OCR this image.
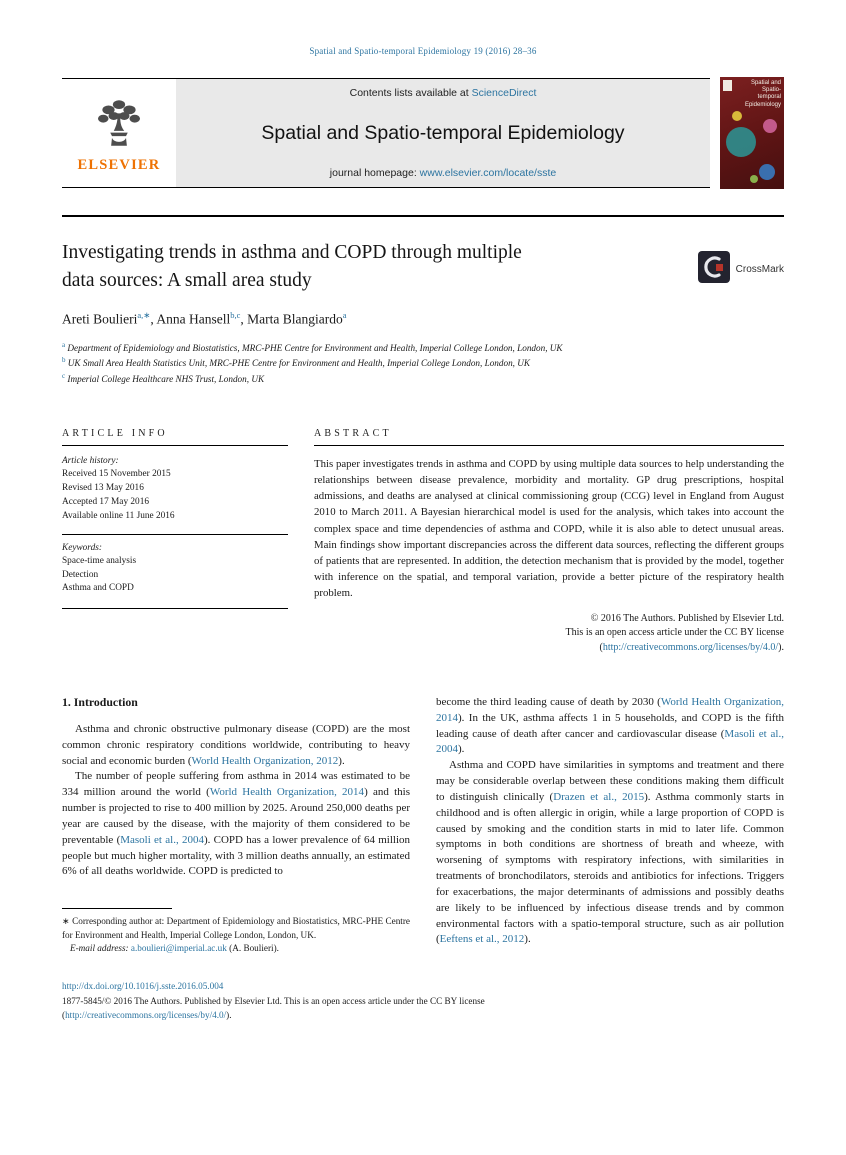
Spatial and Spatio-temporal Epidemiology 19 (2016) 28–36
ELSEVIER
Contents lists available at ScienceDirect
Spatial and Spatio-temporal Epidemiology
journal homepage: www.elsevier.com/locate/sste
Spatial and Spatio-temporal Epidemiology
Investigating trends in asthma and COPD through multiple
data sources: A small area study	CrossMark
Areti Boulieri$^{a,∗}$, Anna Hansell$^{b,c}$, Marta Blangiardo$^a$
$^a$ Department of Epidemiology and Biostatistics, MRC-PHE Centre for Environment and Health, Imperial College London, London, UK
$^b$ UK Small Area Health Statistics Unit, MRC-PHE Centre for Environment and Health, Imperial College London, London, UK
$^c$ Imperial College Healthcare NHS Trust, London, UK
ARTICLE INFO
Article history:
Received 15 November 2015
Revised 13 May 2016
Accepted 17 May 2016
Available online 11 June 2016
Keywords:
Space-time analysis
Detection
Asthma and COPD
ABSTRACT

This paper investigates trends in asthma and COPD by using multiple data sources to help understanding the relationships between disease prevalence, morbidity and mortality. GP drug prescriptions, hospital admissions, and deaths are analysed at clinical commissioning group (CCG) level in England from August 2010 to March 2011. A Bayesian hierarchical model is used for the analysis, which takes into account the complex space and time dependencies of asthma and COPD, while it is also able to detect unusual areas. Main findings show important discrepancies across the different data sources, reflecting the different groups of patients that are represented. In addition, the detection mechanism that is provided by the model, together with inference on the spatial, and temporal variation, provide a better picture of the respiratory health problem.

© 2016 The Authors. Published by Elsevier Ltd.
This is an open access article under the CC BY license
(http://creativecommons.org/licenses/by/4.0/).
1. Introduction

Asthma and chronic obstructive pulmonary disease (COPD) are the most common chronic respiratory conditions worldwide, contributing to heavy social and economic burden (World Health Organization, 2012).

The number of people suffering from asthma in 2014 was estimated to be 334 million around the world (World Health Organization, 2014) and this number is projected to rise to 400 million by 2025. Around 250,000 deaths per year are caused by the disease, with the majority of them considered to be preventable (Masoli et al., 2004). COPD has a lower prevalence of 64 million people but much higher mortality, with 3 million deaths annually, an estimated 6% of all deaths worldwide. COPD is predicted to

∗ Corresponding author at: Department of Epidemiology and Biostatistics, MRC-PHE Centre for Environment and Health, Imperial College London, London, UK.

E-mail address: a.boulieri@imperial.ac.uk (A. Boulieri).

become the third leading cause of death by 2030 (World Health Organization, 2014). In the UK, asthma affects 1 in 5 households, and COPD is the fifth leading cause of death after cancer and cardiovascular disease (Masoli et al., 2004).

Asthma and COPD have similarities in symptoms and treatment and there may be considerable overlap between these conditions making them difficult to distinguish clinically (Drazen et al., 2015). Asthma commonly starts in childhood and is often allergic in origin, while a large proportion of COPD is caused by smoking and the condition starts in mid to later life. Common symptoms in both conditions are shortness of breath and wheeze, with worsening of symptoms with respiratory infections, with similarities in treatments of bronchodilators, steroids and antibiotics for infections. Triggers for exacerbations, the major determinants of admissions and possibly deaths are likely to be influenced by infectious disease trends and by common environmental factors with a spatio-temporal structure, such as air pollution (Eeftens et al., 2012).

http://dx.doi.org/10.1016/j.sste.2016.05.004
1877-5845/© 2016 The Authors. Published by Elsevier Ltd. This is an open access article under the CC BY license
(http://creativecommons.org/licenses/by/4.0/).
